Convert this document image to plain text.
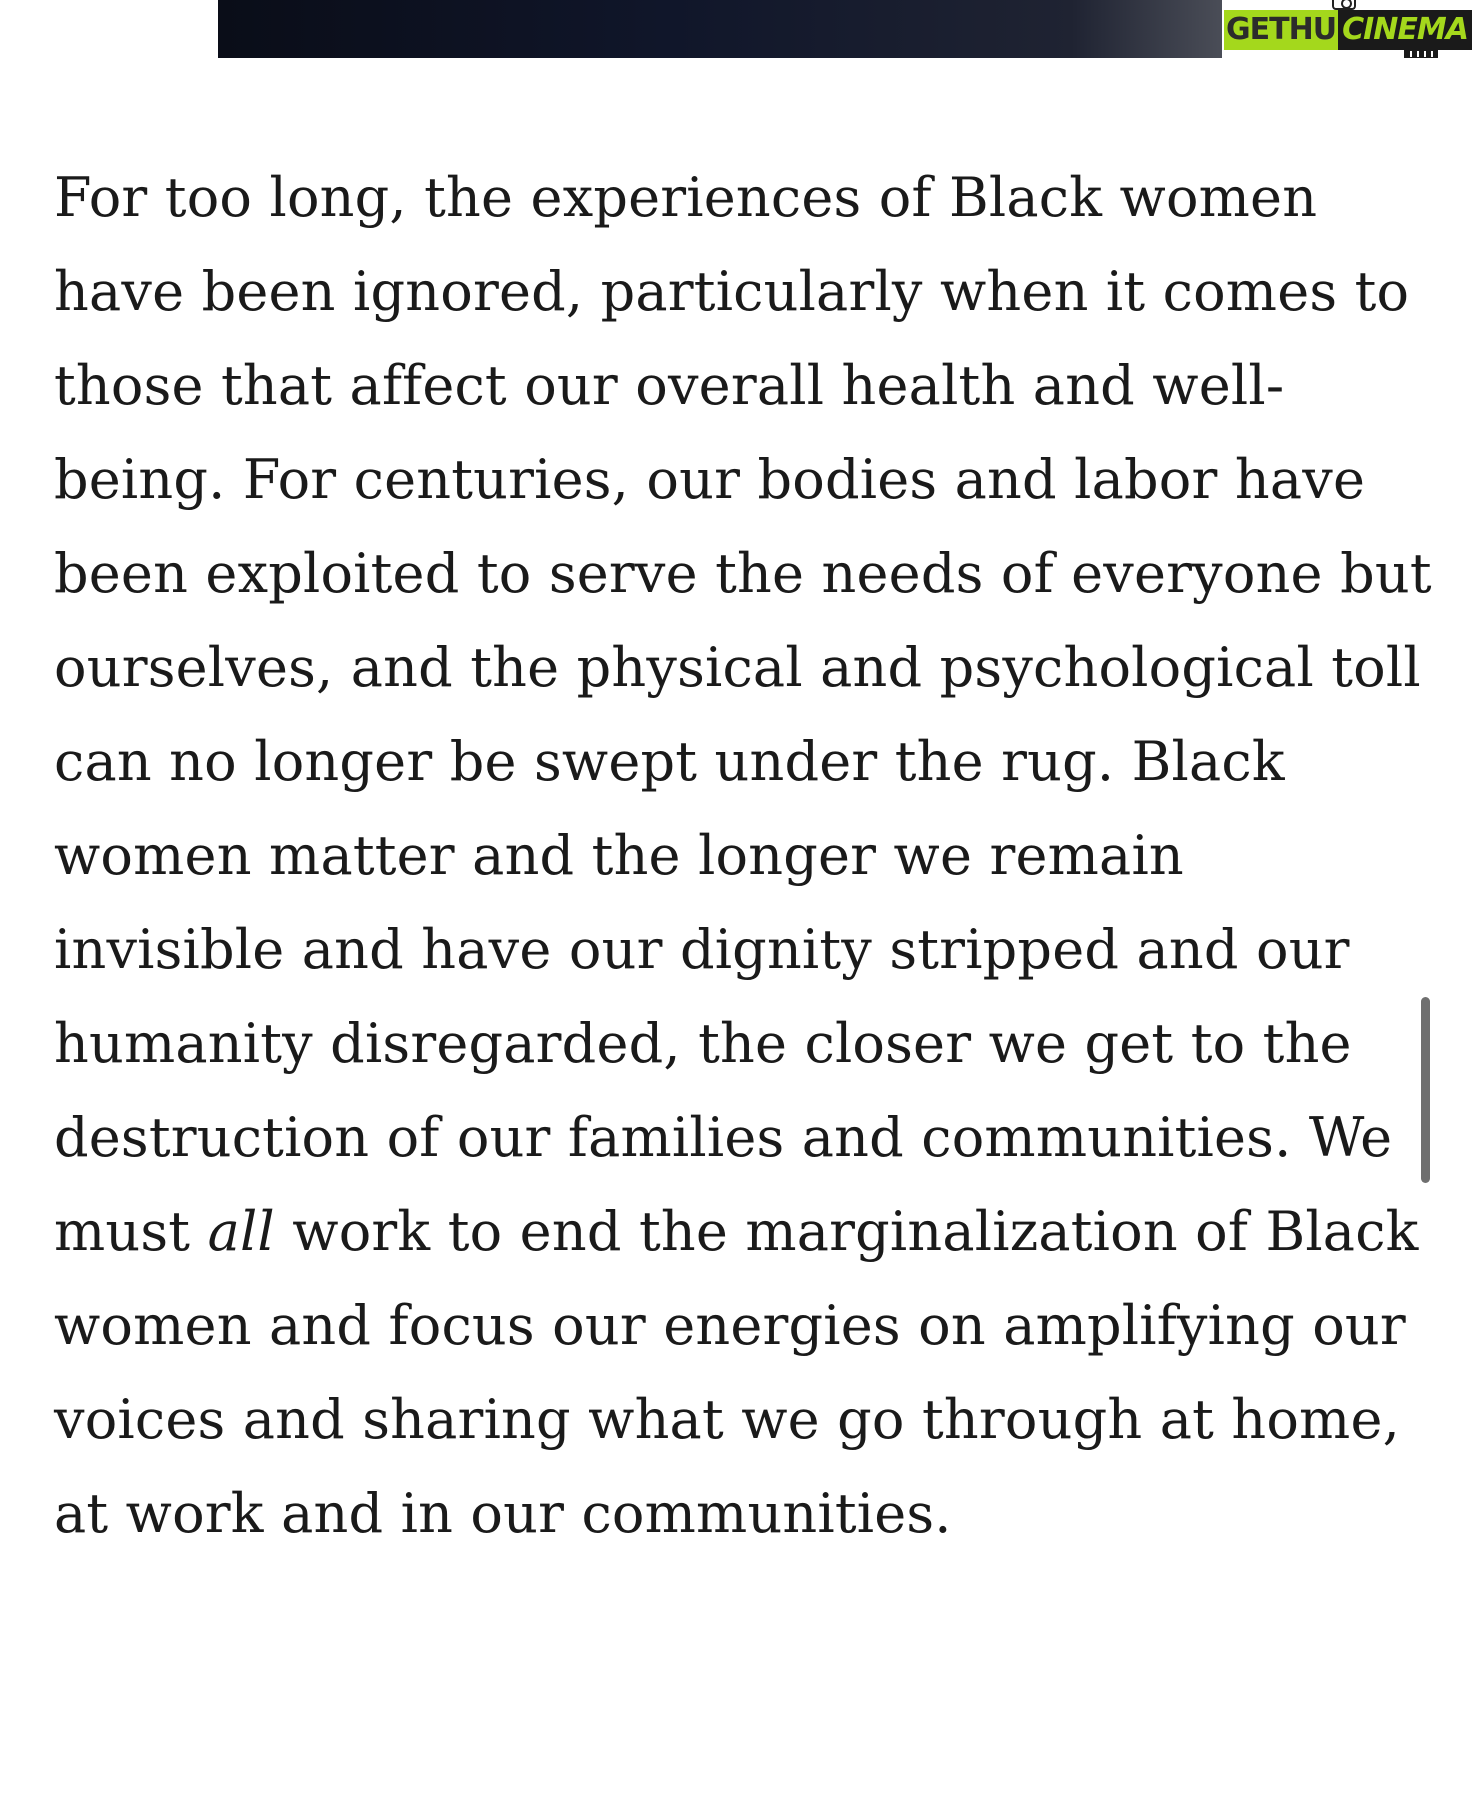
GETHU CINEMA

For too long, the experiences of Black women
have been ignored, particularly when it comes to
those that affect our overall health and well-
being. For centuries, our bodies and labor have
been exploited to serve the needs of everyone but
ourselves, and the physical and psychological toll
can no longer be swept under the rug. Black
women matter and the longer we remain
invisible and have our dignity stripped and our
humanity disregarded, the closer we get to the
destruction of our families and communities. We
must all work to end the marginalization of Black
women and focus our energies on amplifying our
voices and sharing what we go through at home,
at work and in our communities.
